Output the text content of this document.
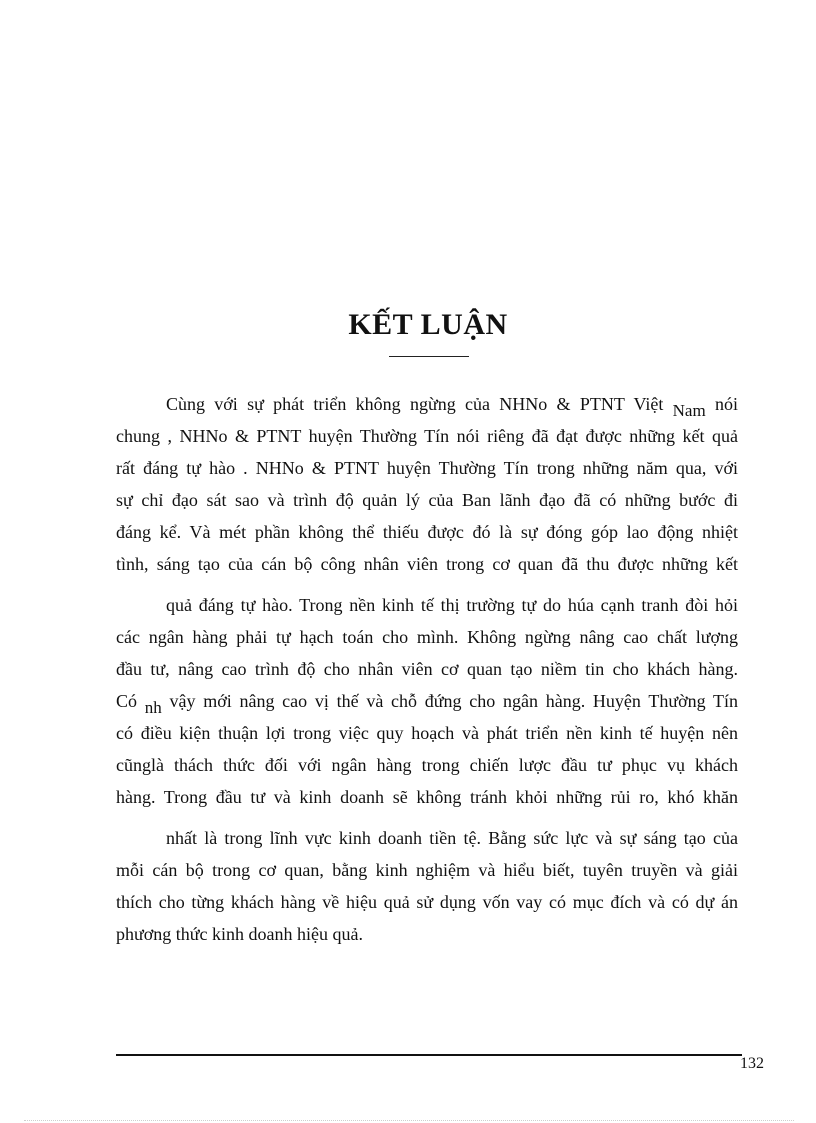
KẾT LUẬN
Cùng với sự phát triển không ngừng của NHNo & PTNT Việt Nam nói
chung , NHNo & PTNT huyện Thường Tín nói riêng đã đạt được những kết quả
rất đáng tự hào . NHNo & PTNT huyện Thường Tín trong những năm qua, với
sự chỉ đạo sát sao và trình độ quản lý của Ban lãnh đạo đã có những bước đi
đáng kể. Và mét phần không thể thiếu được đó là sự đóng góp lao động nhiệt
tình, sáng tạo của cán bộ công nhân viên trong cơ quan đã thu được những kết
quả đáng tự hào. Trong nền kinh tế thị trường tự do húa cạnh tranh đòi hỏi
các ngân hàng phải tự hạch toán cho mình. Không ngừng nâng cao chất lượng
đầu tư, nâng cao trình độ cho nhân viên cơ quan tạo niềm tin cho khách hàng.
Có nh vậy mới nâng cao vị thế và chỗ đứng cho ngân hàng. Huyện Thường Tín
có điều kiện thuận lợi trong việc quy hoạch và phát triển nền kinh tế huyện nên
cũnglà thách thức đối với ngân hàng trong chiến lược đầu tư phục vụ khách
hàng. Trong đầu tư và kinh doanh sẽ không tránh khỏi những rủi ro, khó khăn
nhất là trong lĩnh vực kinh doanh tiền tệ. Bằng sức lực và sự sáng tạo của
mỗi cán bộ trong cơ quan, bằng kinh nghiệm và hiểu biết, tuyên truyền và giải
thích cho từng khách hàng về hiệu quả sử dụng vốn vay có mục đích và có dự án
phương thức kinh doanh hiệu quả.
132
